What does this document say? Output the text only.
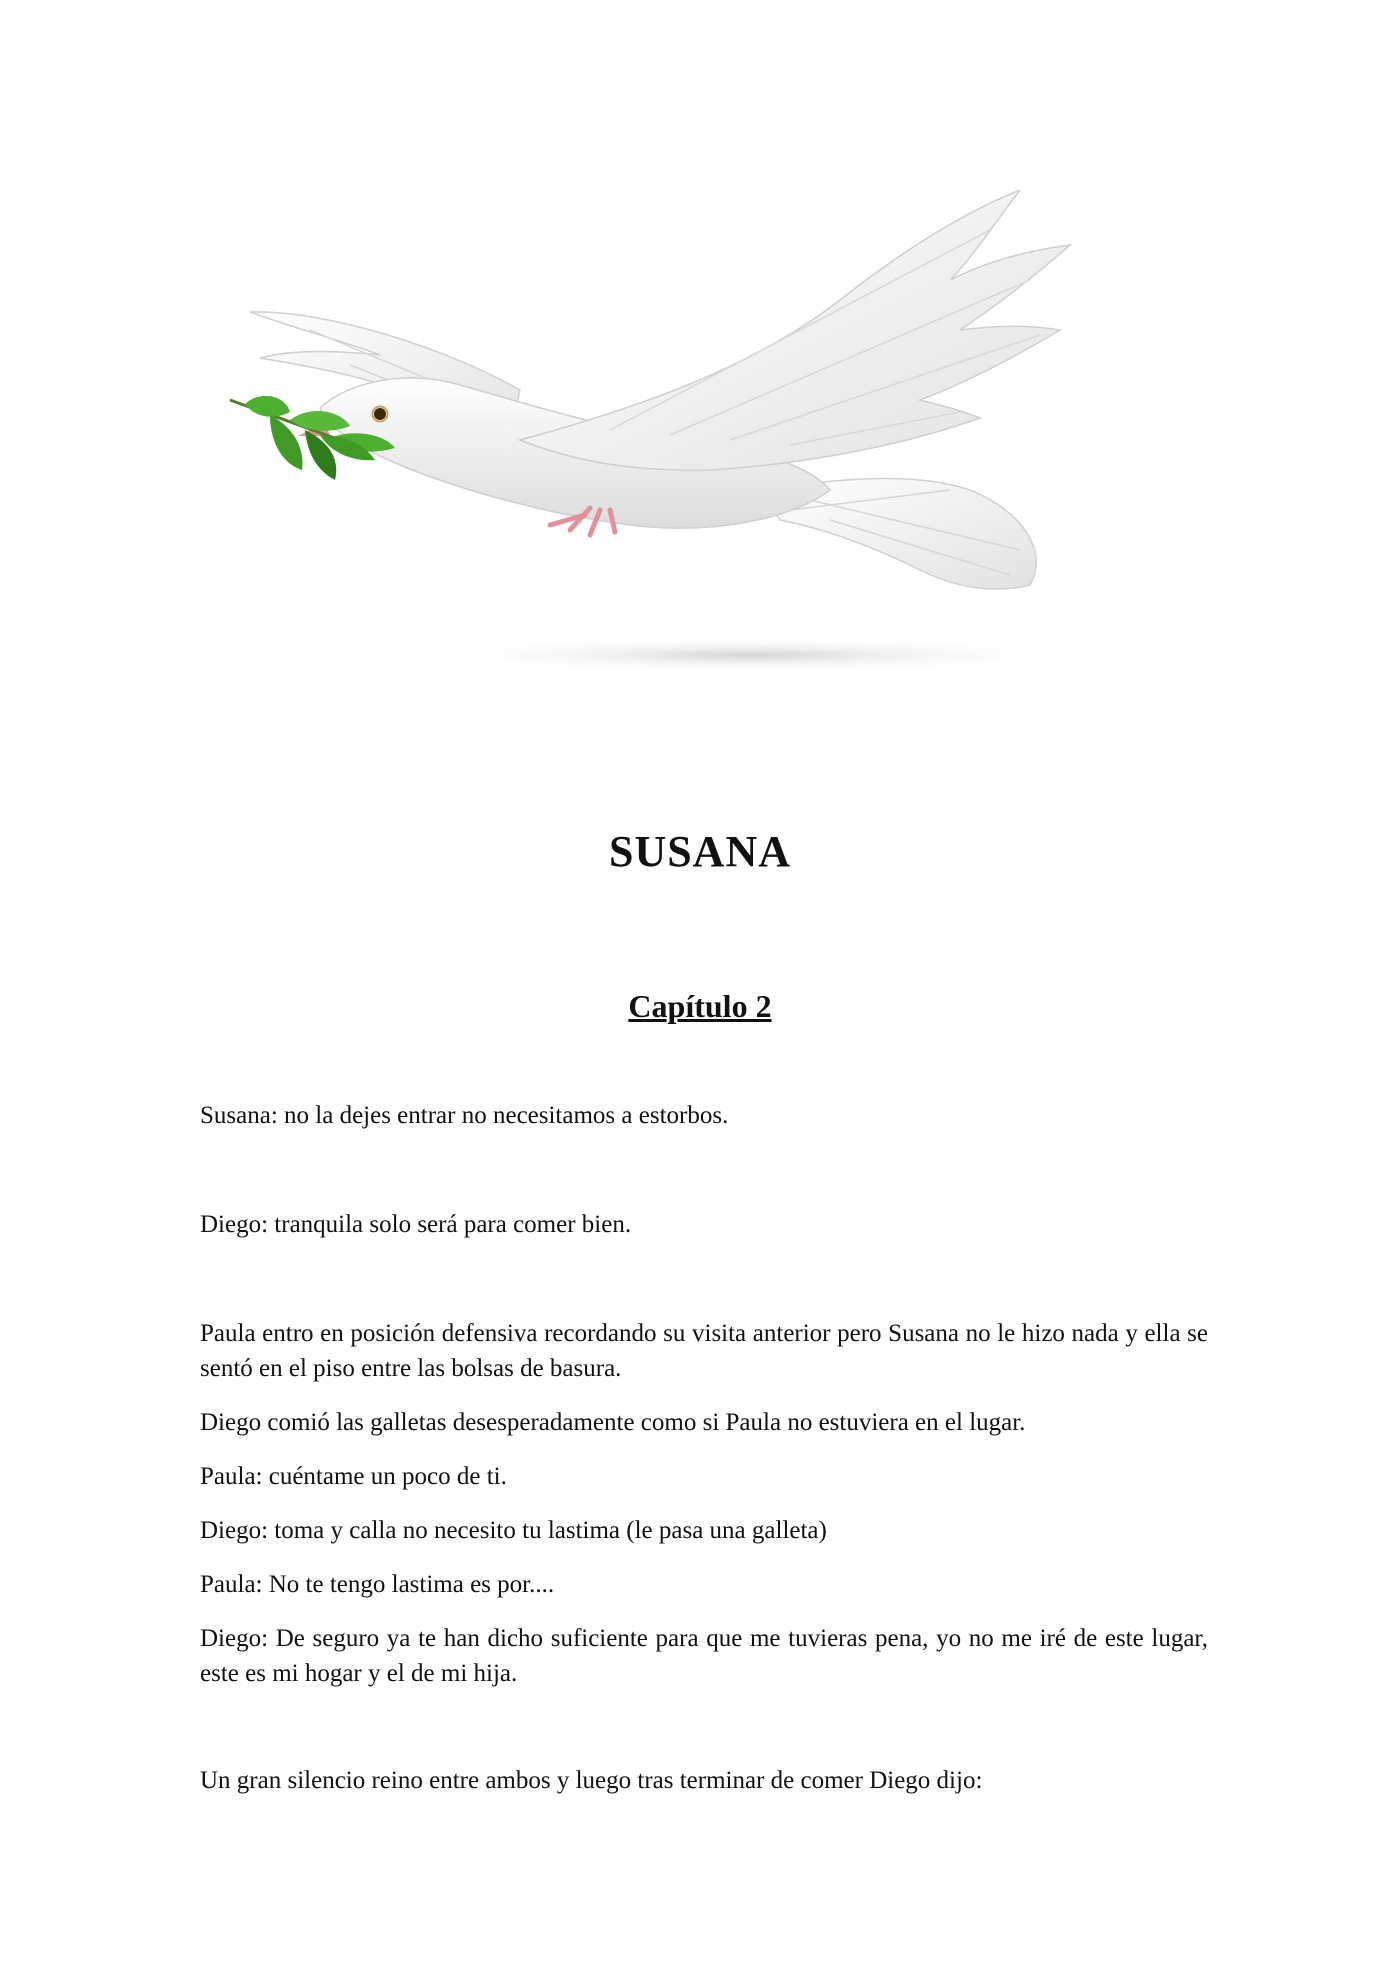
SUSANA
Capítulo 2

Susana: no la dejes entrar no necesitamos a estorbos.

Diego: tranquila solo será para comer bien.

Paula entro en posición defensiva recordando su visita anterior pero Susana no le hizo nada y ella se sentó en el piso entre las bolsas de basura.

Diego comió las galletas desesperadamente como si Paula no estuviera en el lugar.

Paula: cuéntame un poco de ti.

Diego: toma y calla no necesito tu lastima (le pasa una galleta)

Paula: No te tengo lastima es por....

Diego: De seguro ya te han dicho suficiente para que me tuvieras pena, yo no me iré de este lugar, este es mi hogar y el de mi hija.

Un gran silencio reino entre ambos y luego tras terminar de comer Diego dijo:
